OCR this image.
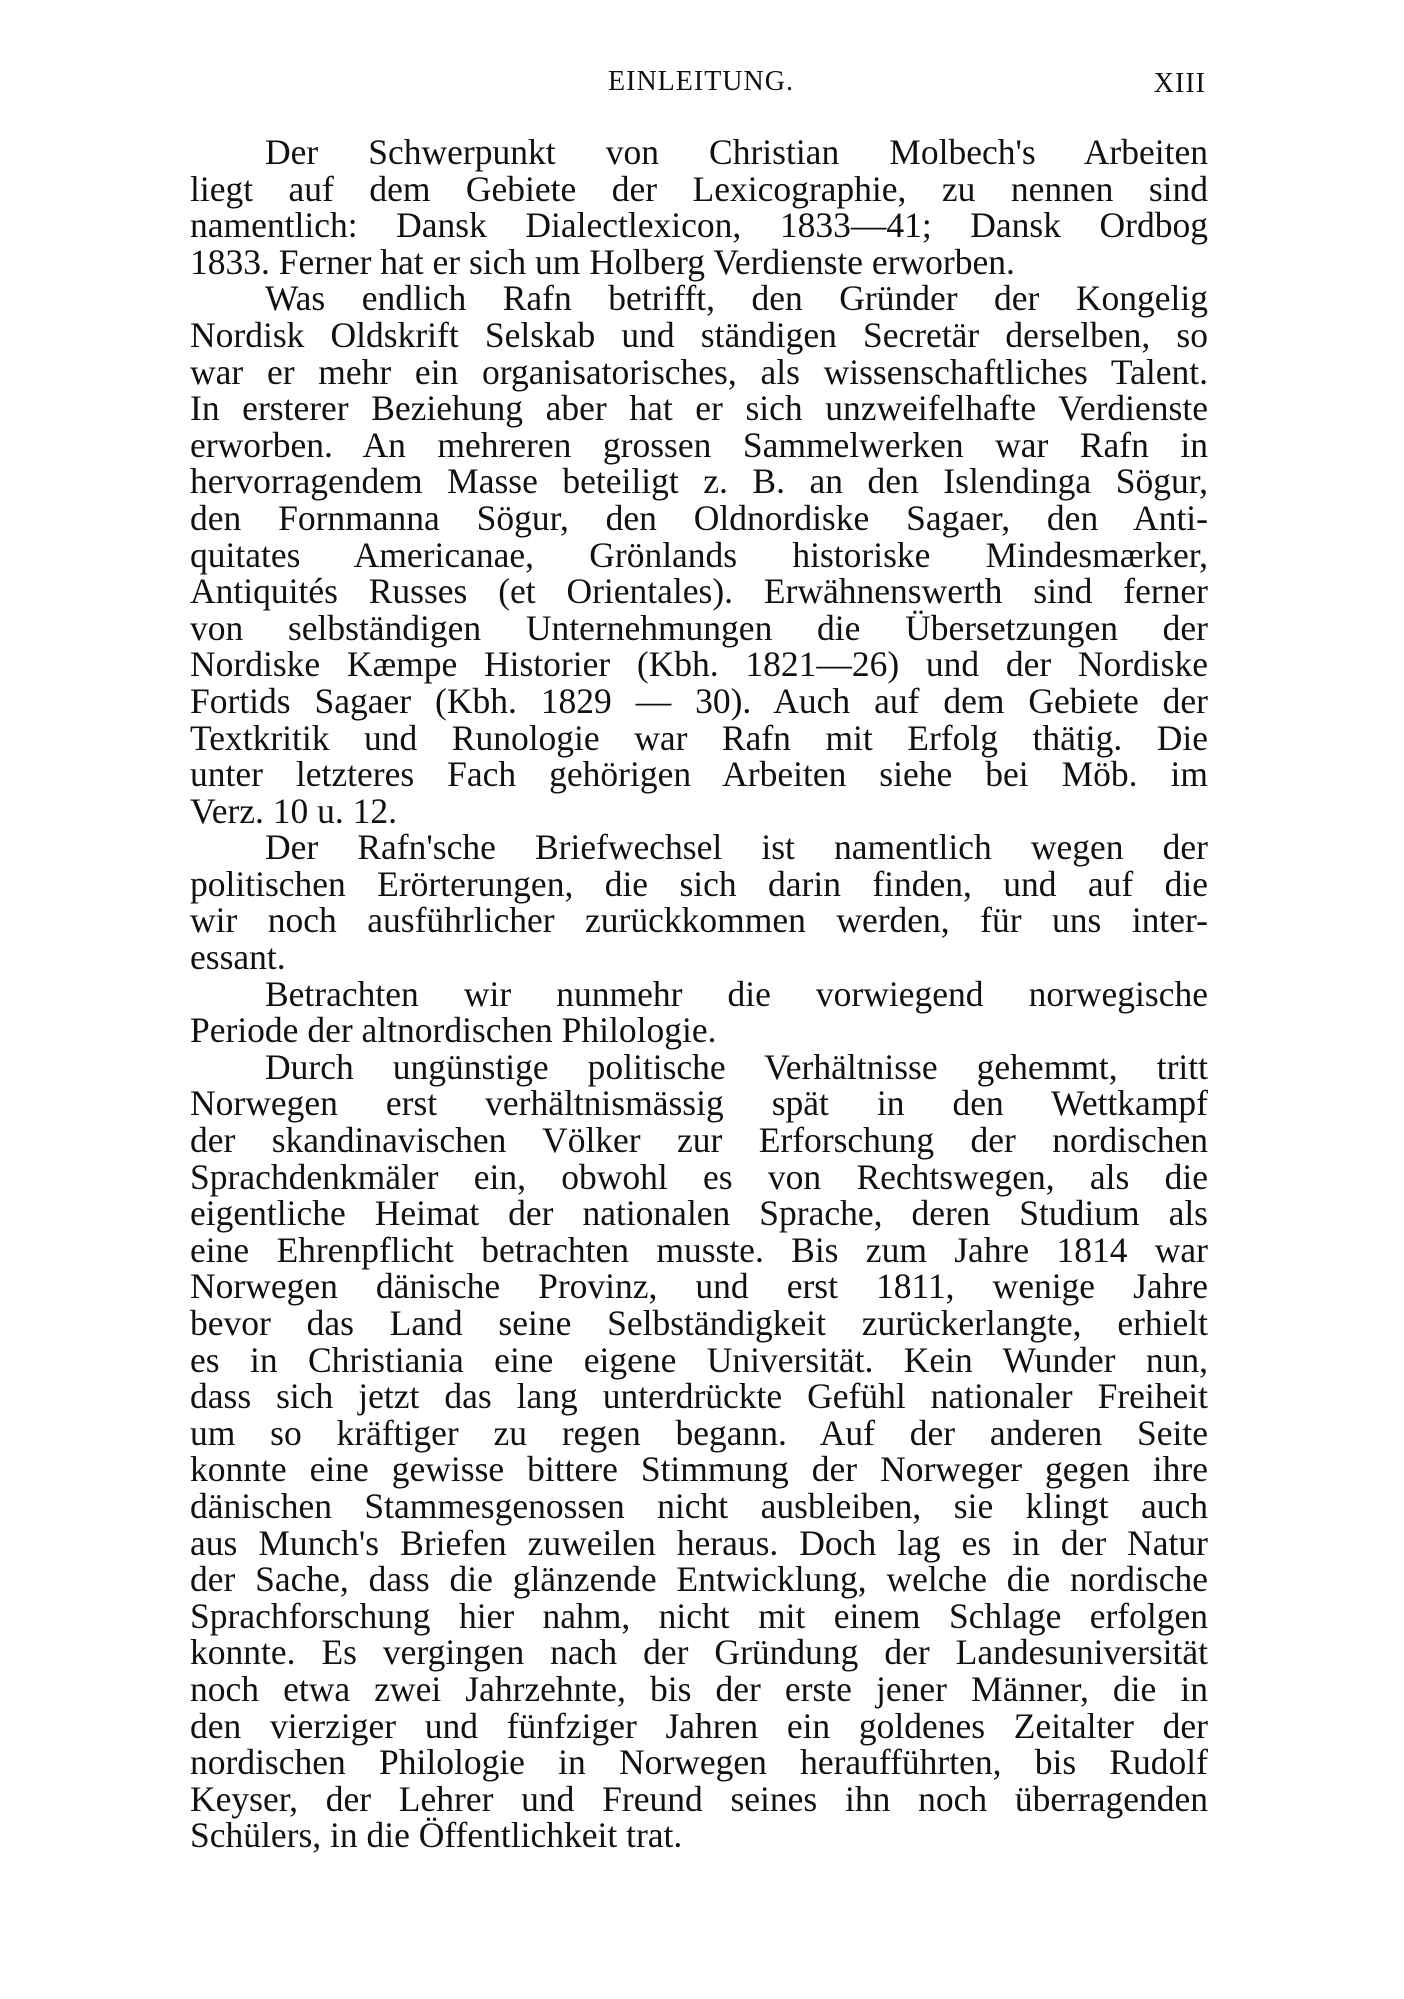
EINLEITUNG.	XIII
Der Schwerpunkt von Christian Molbech's Arbeiten
liegt auf dem Gebiete der Lexicographie, zu nennen sind
namentlich: Dansk Dialectlexicon, 1833—41; Dansk Ordbog
1833. Ferner hat er sich um Holberg Verdienste erworben.
Was endlich Rafn betrifft, den Gründer der Kongelig
Nordisk Oldskrift Selskab und ständigen Secretär derselben, so
war er mehr ein organisatorisches, als wissenschaftliches Talent.
In ersterer Beziehung aber hat er sich unzweifelhafte Verdienste
erworben. An mehreren grossen Sammelwerken war Rafn in
hervorragendem Masse beteiligt z. B. an den Islendinga Sögur,
den Fornmanna Sögur, den Oldnordiske Sagaer, den Anti-
quitates Americanae, Grönlands historiske Mindesmærker,
Antiquités Russes (et Orientales). Erwähnenswerth sind ferner
von selbständigen Unternehmungen die Übersetzungen der
Nordiske Kæmpe Historier (Kbh. 1821—26) und der Nordiske
Fortids Sagaer (Kbh. 1829 — 30). Auch auf dem Gebiete der
Textkritik und Runologie war Rafn mit Erfolg thätig. Die
unter letzteres Fach gehörigen Arbeiten siehe bei Möb. im
Verz. 10 u. 12.
Der Rafn'sche Briefwechsel ist namentlich wegen der
politischen Erörterungen, die sich darin finden, und auf die
wir noch ausführlicher zurückkommen werden, für uns inter-
essant.
Betrachten wir nunmehr die vorwiegend norwegische
Periode der altnordischen Philologie.
Durch ungünstige politische Verhältnisse gehemmt, tritt
Norwegen erst verhältnismässig spät in den Wettkampf
der skandinavischen Völker zur Erforschung der nordischen
Sprachdenkmäler ein, obwohl es von Rechtswegen, als die
eigentliche Heimat der nationalen Sprache, deren Studium als
eine Ehrenpflicht betrachten musste. Bis zum Jahre 1814 war
Norwegen dänische Provinz, und erst 1811, wenige Jahre
bevor das Land seine Selbständigkeit zurückerlangte, erhielt
es in Christiania eine eigene Universität. Kein Wunder nun,
dass sich jetzt das lang unterdrückte Gefühl nationaler Freiheit
um so kräftiger zu regen begann. Auf der anderen Seite
konnte eine gewisse bittere Stimmung der Norweger gegen ihre
dänischen Stammesgenossen nicht ausbleiben, sie klingt auch
aus Munch's Briefen zuweilen heraus. Doch lag es in der Natur
der Sache, dass die glänzende Entwicklung, welche die nordische
Sprachforschung hier nahm, nicht mit einem Schlage erfolgen
konnte. Es vergingen nach der Gründung der Landesuniversität
noch etwa zwei Jahrzehnte, bis der erste jener Männer, die in
den vierziger und fünfziger Jahren ein goldenes Zeitalter der
nordischen Philologie in Norwegen heraufführten, bis Rudolf
Keyser, der Lehrer und Freund seines ihn noch überragenden
Schülers, in die Öffentlichkeit trat.
